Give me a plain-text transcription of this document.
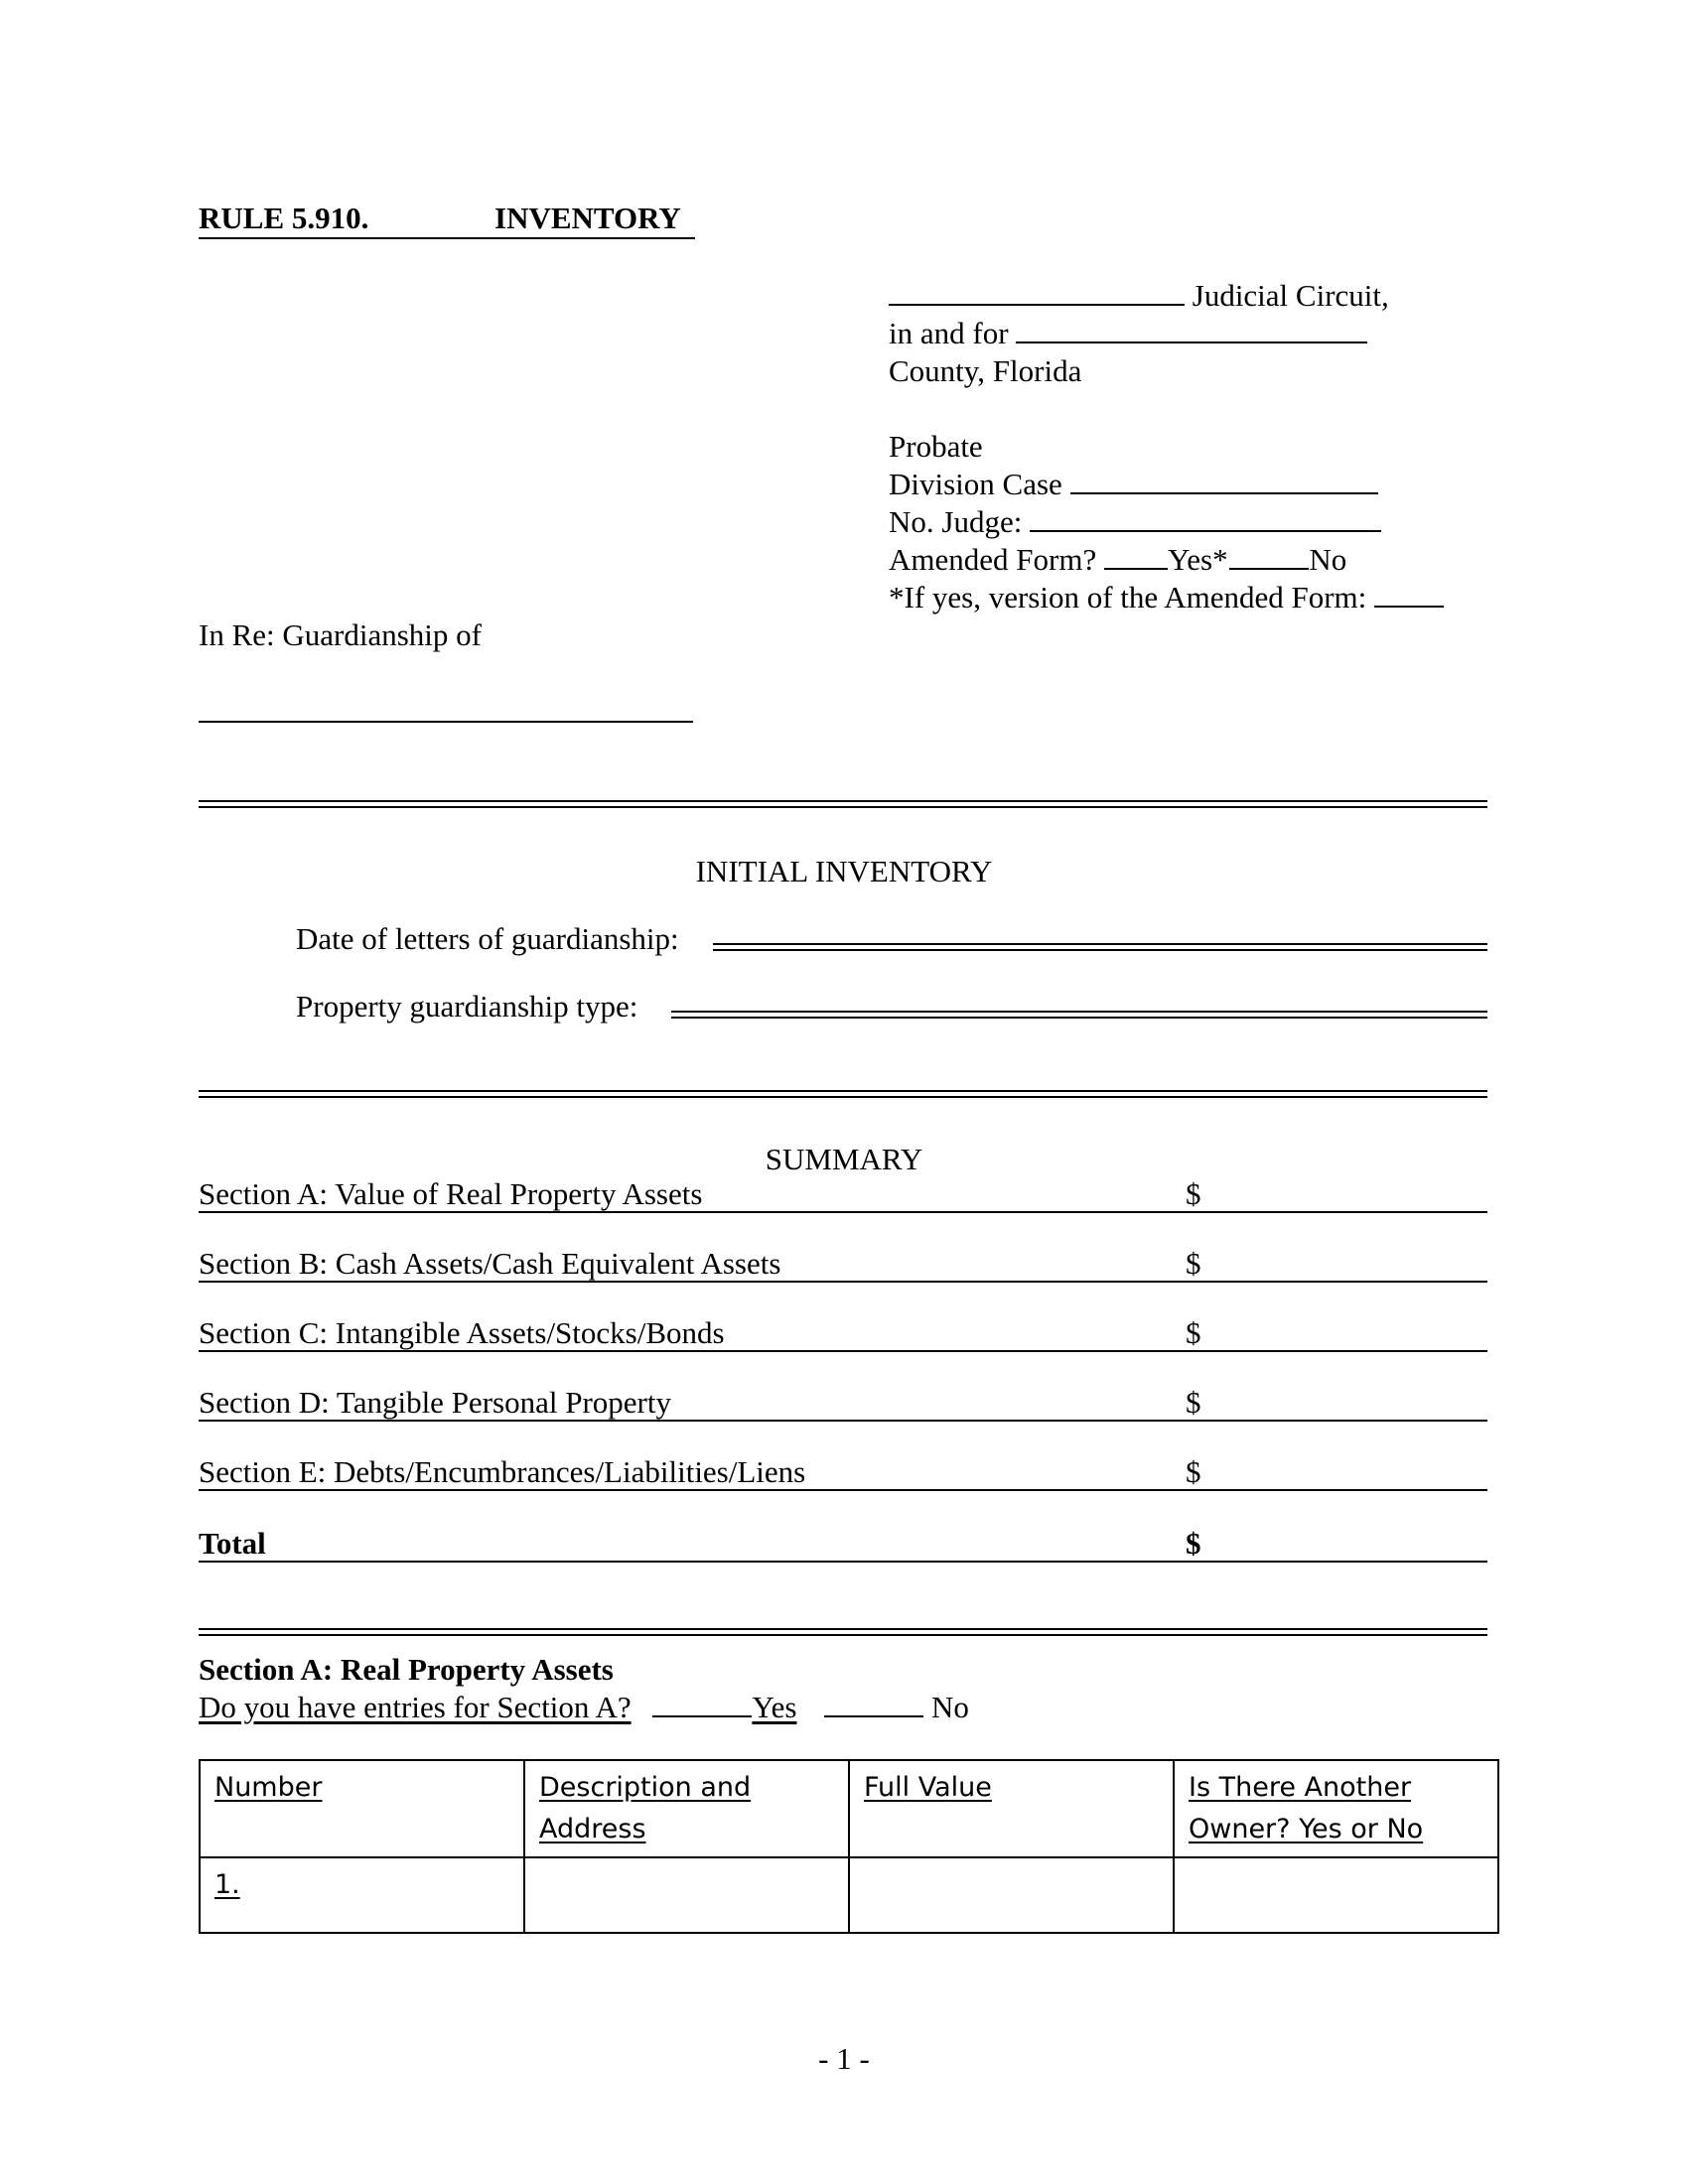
RULE 5.910.	INVENTORY
Judicial Circuit,
in and for
County, Florida
Probate
Division Case
No. Judge:
Amended Form? Yes*	No
*If yes, version of the Amended Form:
In Re: Guardianship of
INITIAL INVENTORY
Date of letters of guardianship:
Property guardianship type:
SUMMARY
Section A: Value of Real Property Assets	$
Section B: Cash Assets/Cash Equivalent Assets	$
Section C: Intangible Assets/Stocks/Bonds	$
Section D: Tangible Personal Property	$
Section E: Debts/Encumbrances/Liabilities/Liens	$
Total	$
Section A: Real Property Assets
Do you have entries for Section A?	Yes	No
Number	Description and Address	Full Value	Is There Another Owner? Yes or No
1.			
- 1 -
